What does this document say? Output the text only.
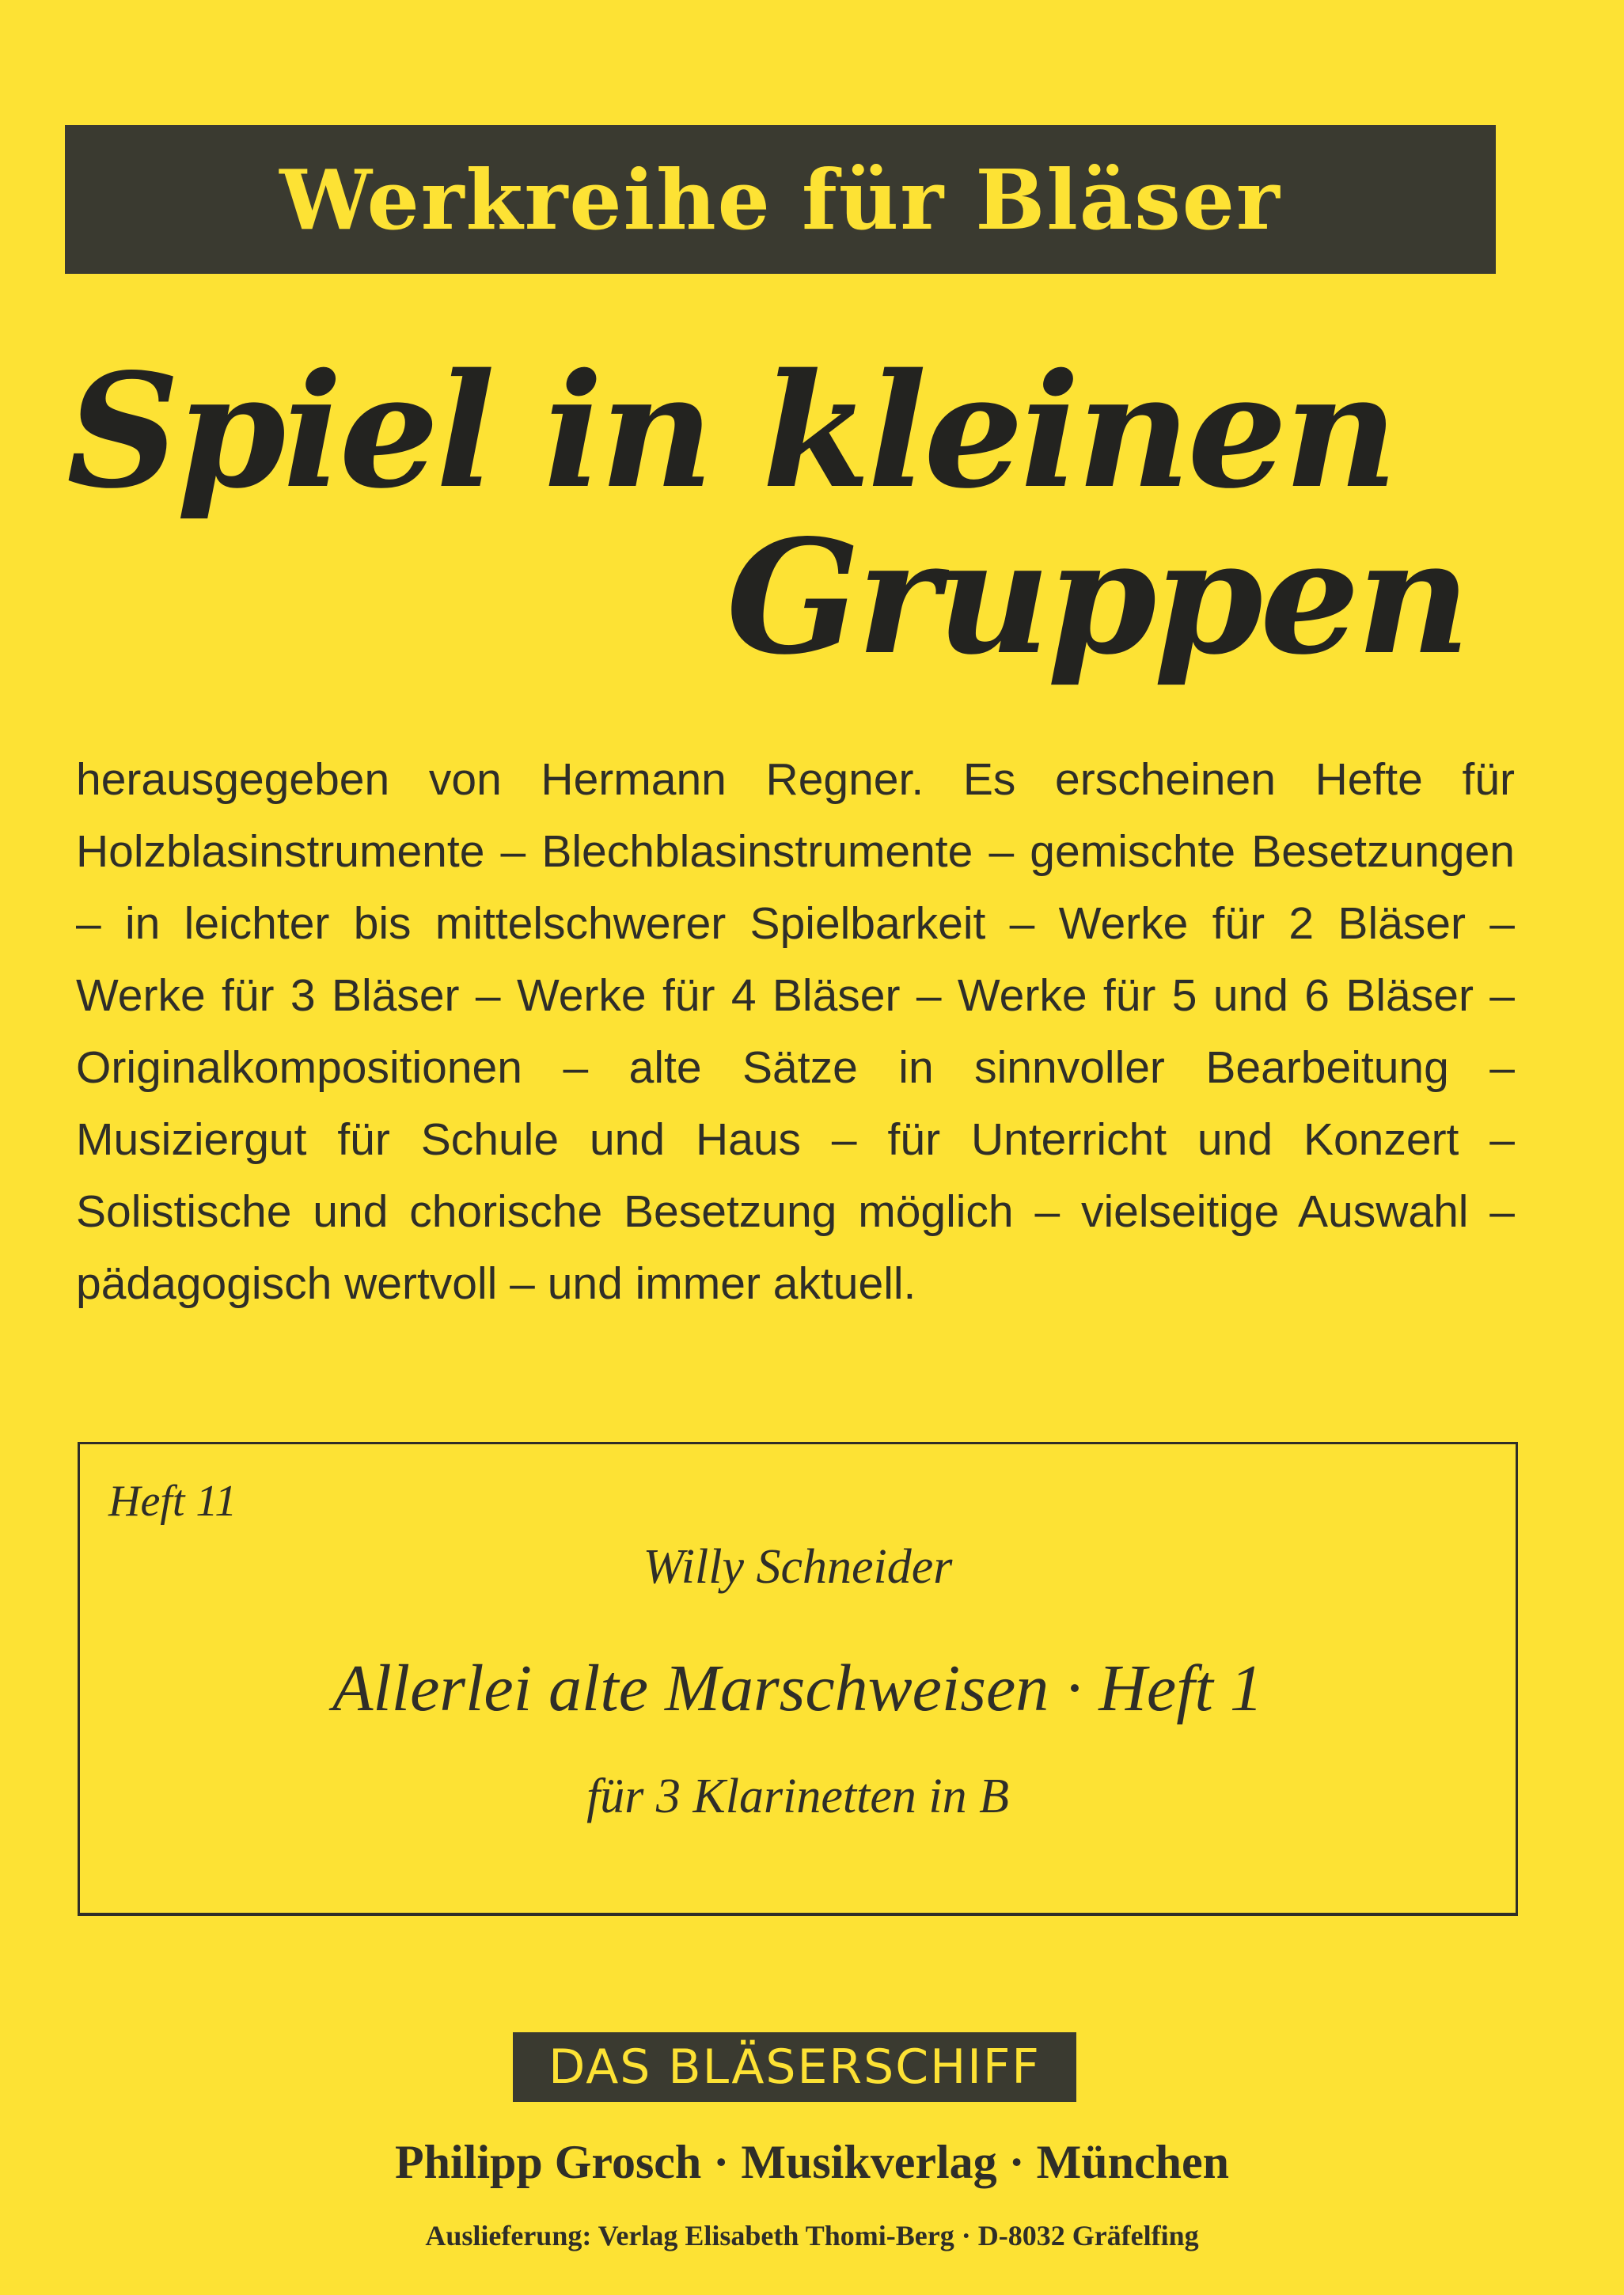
Werkreihe für Bläser
Spiel in kleinen
Gruppen

herausgegeben von Hermann Regner. Es erscheinen Hefte für Holzblasinstrumente – Blechblasinstrumente – gemischte Besetzungen – in leichter bis mittelschwerer Spielbarkeit – Werke für 2 Bläser – Werke für 3 Bläser – Werke für 4 Bläser – Werke für 5 und 6 Bläser – Originalkompositionen – alte Sätze in sinnvoller Bearbeitung – Musiziergut für Schule und Haus – für Unterricht und Konzert – Solistische und chorische Besetzung möglich – vielseitige Auswahl – pädagogisch wertvoll – und immer aktuell.

Heft 11
Willy Schneider
Allerlei alte Marschweisen · Heft 1
für 3 Klarinetten in B
DAS BLÄSERSCHIFF
Philipp Grosch · Musikverlag · München
Auslieferung: Verlag Elisabeth Thomi-Berg · D-8032 Gräfelfing
